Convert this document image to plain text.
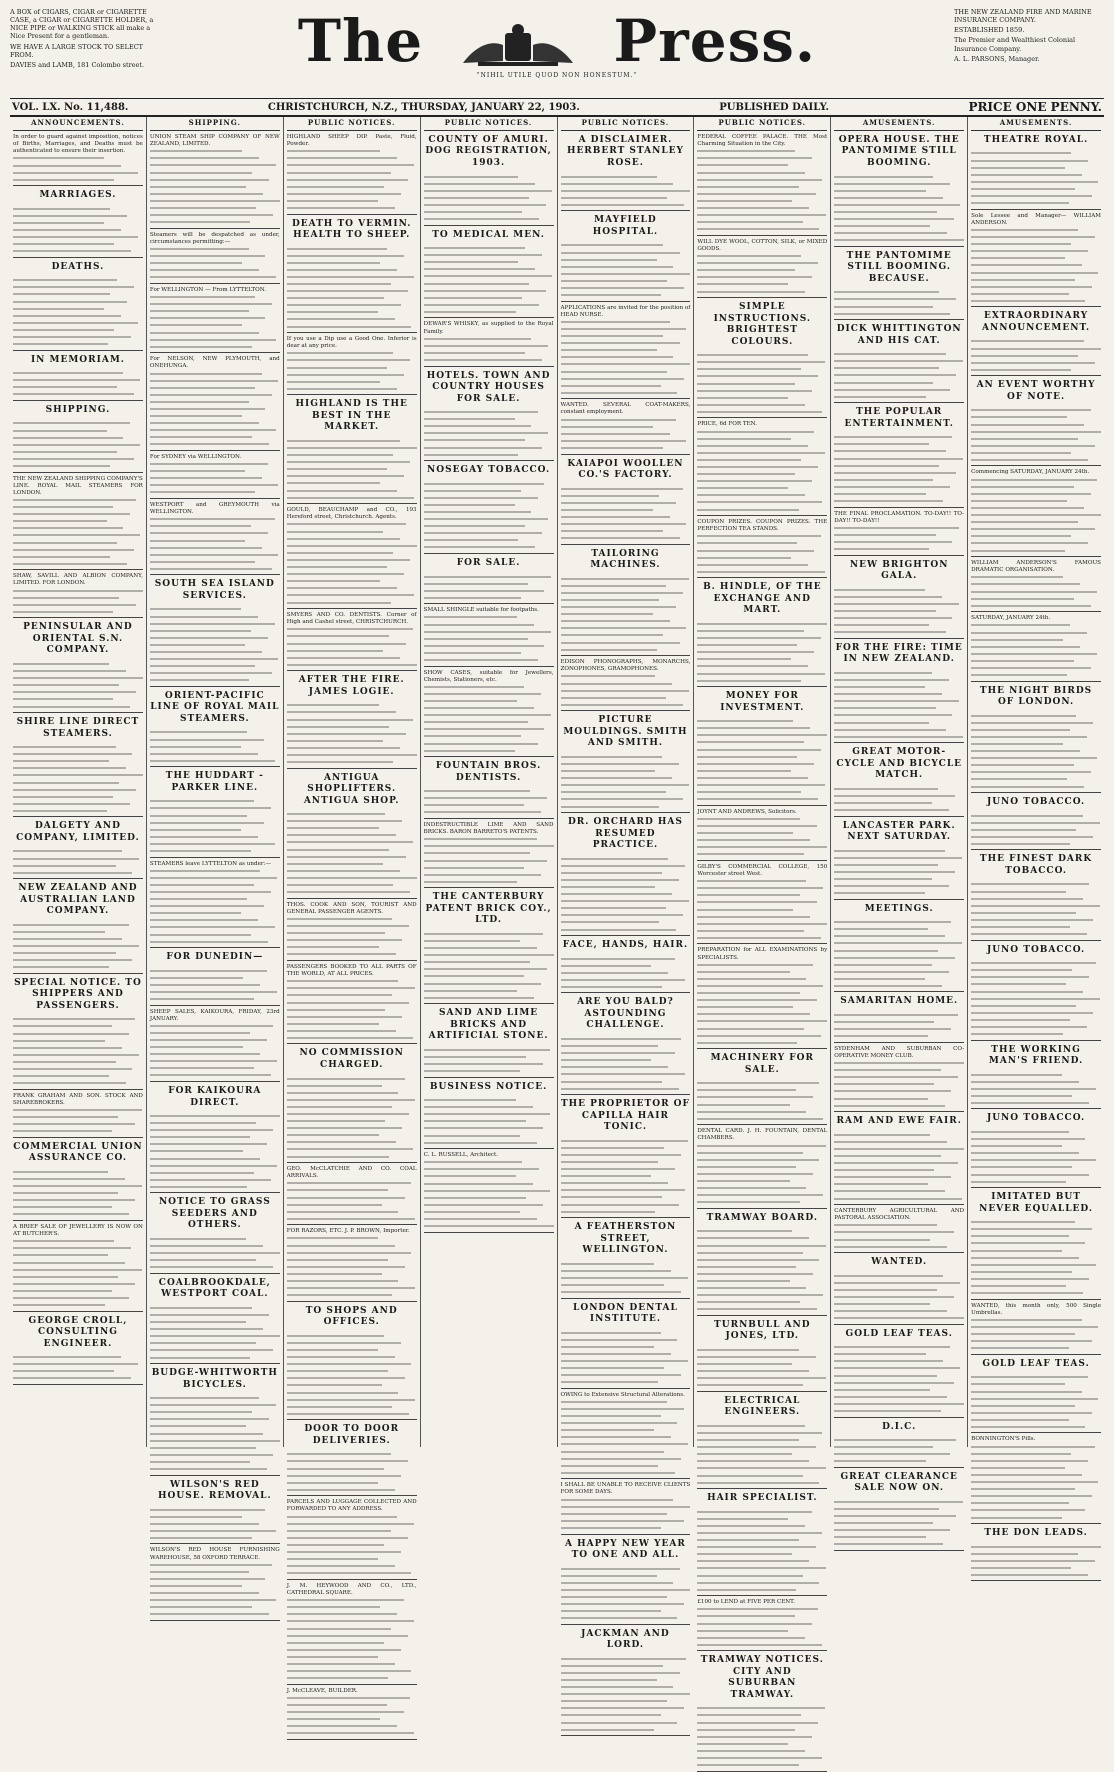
A BOX of CIGARS, CIGAR or CIGARETTE CASE, a CIGAR or CIGARETTE HOLDER, a NICE PIPE or WALKING STICK all make a Nice Present for a gentleman.

WE HAVE A LARGE STOCK TO SELECT FROM.

DAVIES and LAMB, 181 Colombo street.	The	Press.
"NIHIL UTILE QUOD NON HONESTUM."

THE NEW ZEALAND FIRE AND MARINE INSURANCE COMPANY.

ESTABLISHED 1859.

The Premier and Wealthiest Colonial Insurance Company.

A. L. PARSONS, Manager.

VOL. LX. No. 11,488.	CHRISTCHURCH, N.Z., THURSDAY, JANUARY 22, 1903.	PUBLISHED DAILY.	PRICE ONE PENNY.
ANNOUNCEMENTS.
In order to guard against imposition, notices of Births, Marriages, and Deaths must be authenticated to ensure their insertion.
MARRIAGES.
DEATHS.
IN MEMORIAM.
SHIPPING.
THE NEW ZEALAND SHIPPING COMPANY'S LINE. ROYAL MAIL STEAMERS FOR LONDON.
SHAW, SAVILL AND ALBION COMPANY, LIMITED. FOR LONDON.
PENINSULAR AND ORIENTAL S.N. COMPANY.
SHIRE LINE DIRECT STEAMERS.
DALGETY AND COMPANY, LIMITED.
NEW ZEALAND AND AUSTRALIAN LAND COMPANY.
SPECIAL NOTICE. TO SHIPPERS AND PASSENGERS.
FRANK GRAHAM AND SON. STOCK AND SHAREBROKERS.
COMMERCIAL UNION ASSURANCE CO.
A BRIEF SALE OF JEWELLERY IS NOW ON AT BUTCHER'S.
GEORGE CROLL, CONSULTING ENGINEER.
SHIPPING.
UNION STEAM SHIP COMPANY OF NEW ZEALAND, LIMITED.
Steamers will be despatched as under, circumstances permitting:—
For WELLINGTON — From LYTTELTON.
For NELSON, NEW PLYMOUTH, and ONEHUNGA.
For SYDNEY via WELLINGTON.
WESTPORT and GREYMOUTH via WELLINGTON.
SOUTH SEA ISLAND SERVICES.
ORIENT-PACIFIC LINE OF ROYAL MAIL STEAMERS.
THE HUDDART - PARKER LINE.
STEAMERS leave LYTTELTON as under:—
FOR DUNEDIN—
SHEEP SALES, KAIKOURA, FRIDAY, 23rd JANUARY.
FOR KAIKOURA DIRECT.
NOTICE TO GRASS SEEDERS AND OTHERS.
COALBROOKDALE, WESTPORT COAL.
BUDGE-WHITWORTH BICYCLES.
WILSON'S RED HOUSE. REMOVAL.
WILSON'S RED HOUSE FURNISHING WAREHOUSE, 58 OXFORD TERRACE.
PUBLIC NOTICES.
HIGHLAND SHEEP DIP. Paste, Fluid, Powder.
DEATH TO VERMIN. HEALTH TO SHEEP.
If you use a Dip use a Good One. Inferior is dear at any price.
HIGHLAND IS THE BEST IN THE MARKET.
GOULD, BEAUCHAMP and CO., 193 Hereford street, Christchurch. Agents.
SMYERS AND CO. DENTISTS. Corner of High and Cashel street, CHRISTCHURCH.
AFTER THE FIRE. JAMES LOGIE.
ANTIGUA SHOPLIFTERS. ANTIGUA SHOP.
THOS. COOK AND SON, TOURIST AND GENERAL PASSENGER AGENTS.
PASSENGERS BOOKED TO ALL PARTS OF THE WORLD, AT ALL PRICES.
NO COMMISSION CHARGED.
GEO. McCLATCHIE AND CO. COAL ARRIVALS.
FOR RAZORS, ETC. J. P. BROWN, Importer.
TO SHOPS AND OFFICES.
DOOR TO DOOR DELIVERIES.
PARCELS AND LUGGAGE COLLECTED AND FORWARDED TO ANY ADDRESS.
J. M. HEYWOOD AND CO., LTD., CATHEDRAL SQUARE.
J. McCLEAVE, BUILDER.
PUBLIC NOTICES.
COUNTY OF AMURI. DOG REGISTRATION, 1903.
TO MEDICAL MEN.
DEWAR'S WHISKY, as supplied to the Royal Family.
HOTELS. TOWN AND COUNTRY HOUSES FOR SALE.
NOSEGAY TOBACCO.
FOR SALE.
SMALL SHINGLE suitable for footpaths.
SHOW CASES, suitable for Jewellers, Chemists, Stationers, etc.
FOUNTAIN BROS. DENTISTS.
INDESTRUCTIBLE LIME AND SAND BRICKS. BARON BARRETO'S PATENTS.
THE CANTERBURY PATENT BRICK COY., LTD.
SAND AND LIME BRICKS AND ARTIFICIAL STONE.
BUSINESS NOTICE.
C. L. RUSSELL, Architect.
PUBLIC NOTICES.
A DISCLAIMER. HERBERT STANLEY ROSE.
MAYFIELD HOSPITAL.
APPLICATIONS are invited for the position of HEAD NURSE.
WANTED. SEVERAL COAT-MAKERS, constant employment.
KAIAPOI WOOLLEN CO.'S FACTORY.
TAILORING MACHINES.
EDISON PHONOGRAPHS, MONARCHS, ZONOPHONES, GRAMOPHONES.
PICTURE MOULDINGS. SMITH AND SMITH.
DR. ORCHARD HAS RESUMED PRACTICE.
FACE, HANDS, HAIR.
ARE YOU BALD? ASTOUNDING CHALLENGE.
THE PROPRIETOR OF CAPILLA HAIR TONIC.
A FEATHERSTON STREET, WELLINGTON.
LONDON DENTAL INSTITUTE.
OWING to Extensive Structural Alterations.
I SHALL BE UNABLE TO RECEIVE CLIENTS FOR SOME DAYS.
A HAPPY NEW YEAR TO ONE AND ALL.
JACKMAN AND LORD.
PUBLIC NOTICES.
FEDERAL COFFEE PALACE. THE Most Charming Situation in the City.
WILL DYE WOOL, COTTON, SILK, or MIXED GOODS.
SIMPLE INSTRUCTIONS. BRIGHTEST COLOURS.
PRICE, 6d FOR TEN.
COUPON PRIZES. COUPON PRIZES. THE PERFECTION TEA STANDS.
B. HINDLE, OF THE EXCHANGE AND MART.
MONEY FOR INVESTMENT.
JOYNT AND ANDREWS, Solicitors.
GILBY'S COMMERCIAL COLLEGE, 150 Worcester street West.
PREPARATION for ALL EXAMINATIONS by SPECIALISTS.
MACHINERY FOR SALE.
DENTAL CARD. J. H. FOUNTAIN, DENTAL CHAMBERS.
TRAMWAY BOARD.
TURNBULL AND JONES, LTD.
ELECTRICAL ENGINEERS.
HAIR SPECIALIST.
£100 to LEND at FIVE PER CENT.
TRAMWAY NOTICES. CITY AND SUBURBAN TRAMWAY.
AMUSEMENTS.
OPERA HOUSE. THE PANTOMIME STILL BOOMING.
THE PANTOMIME STILL BOOMING. BECAUSE.
DICK WHITTINGTON AND HIS CAT.
THE POPULAR ENTERTAINMENT.
THE FINAL PROCLAMATION. TO-DAY!! TO-DAY!! TO-DAY!!
NEW BRIGHTON GALA.
FOR THE FIRE: TIME IN NEW ZEALAND.
GREAT MOTOR-CYCLE AND BICYCLE MATCH.
LANCASTER PARK. NEXT SATURDAY.
MEETINGS.
SAMARITAN HOME.
SYDENHAM AND SUBURBAN CO-OPERATIVE MONEY CLUB.
RAM AND EWE FAIR.
CANTERBURY AGRICULTURAL AND PASTORAL ASSOCIATION.
WANTED.
GOLD LEAF TEAS.
D.I.C.
GREAT CLEARANCE SALE NOW ON.
AMUSEMENTS.
THEATRE ROYAL.
Sole Lessee and Manager— WILLIAM ANDERSON.
EXTRAORDINARY ANNOUNCEMENT.
AN EVENT WORTHY OF NOTE.
Commencing SATURDAY, JANUARY 24th.
WILLIAM ANDERSON'S FAMOUS DRAMATIC ORGANISATION.
SATURDAY, JANUARY 24th.
THE NIGHT BIRDS OF LONDON.
JUNO TOBACCO.
THE FINEST DARK TOBACCO.
JUNO TOBACCO.
THE WORKING MAN'S FRIEND.
JUNO TOBACCO.
IMITATED BUT NEVER EQUALLED.
WANTED, this month only, 500 Single Umbrellas.
GOLD LEAF TEAS.
BONNINGTON'S Pills.
THE DON LEADS.
